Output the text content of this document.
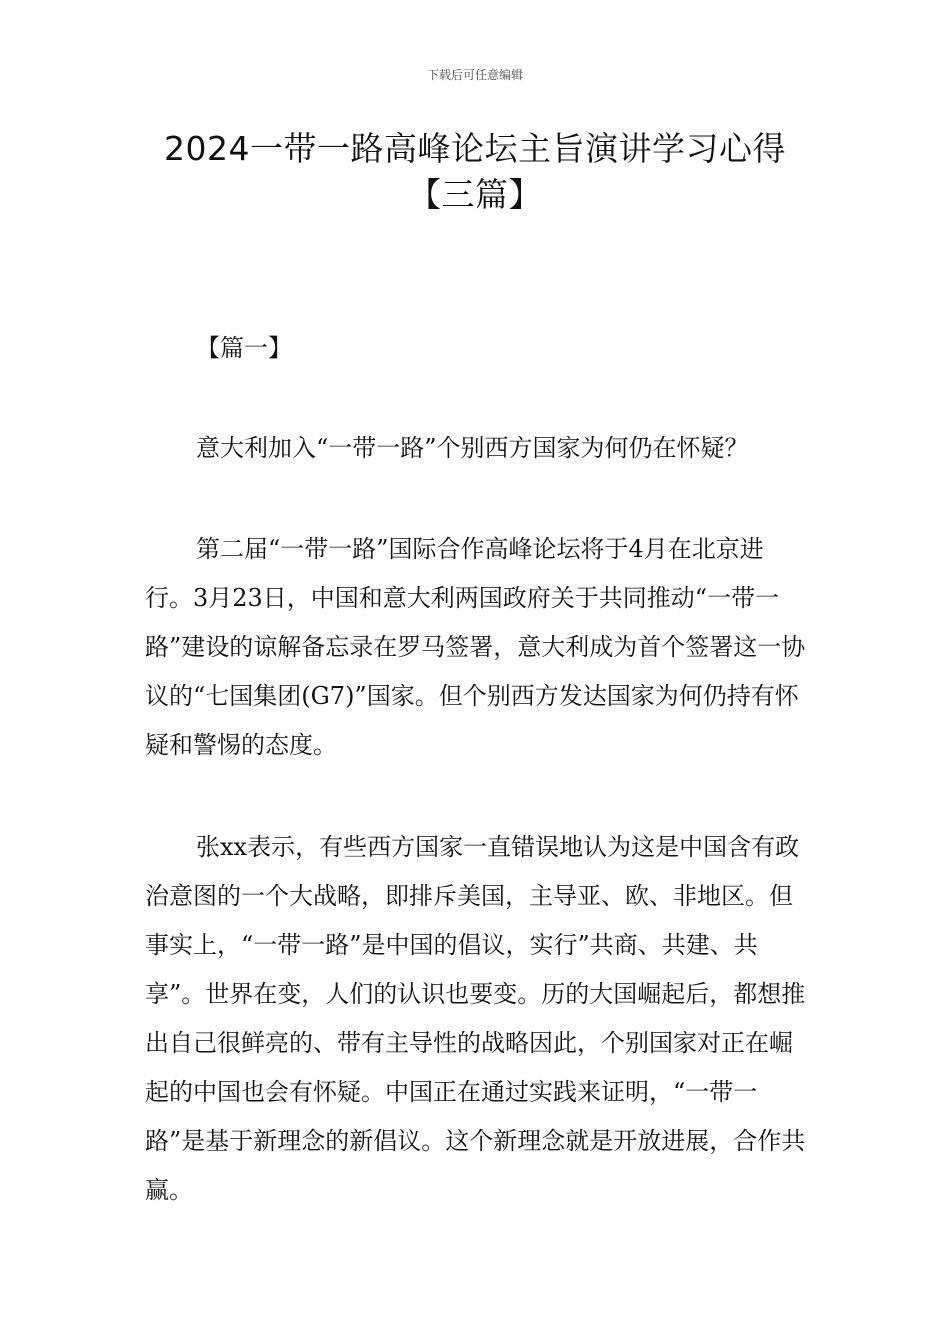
下载后可任意编辑
2024一带一路高峰论坛主旨演讲学习心得
【三篇】
【篇一】

意大利加入“一带一路”个别西方国家为何仍在怀疑？

第二届“一带一路”国际合作高峰论坛将于4月在北京进行。3月23日，中国和意大利两国政府关于共同推动“一带一路”建设的谅解备忘录在罗马签署，意大利成为首个签署这一协议的“七国集团(G7)”国家。但个别西方发达国家为何仍持有怀疑和警惕的态度。

张xx表示，有些西方国家一直错误地认为这是中国含有政治意图的一个大战略，即排斥美国，主导亚、欧、非地区。但事实上，“一带一路”是中国的倡议，实行”共商、共建、共享”。世界在变，人们的认识也要变。历的大国崛起后，都想推出自己很鲜亮的、带有主导性的战略因此，个别国家对正在崛起的中国也会有怀疑。中国正在通过实践来证明，“一带一路”是基于新理念的新倡议。这个新理念就是开放进展，合作共赢。
